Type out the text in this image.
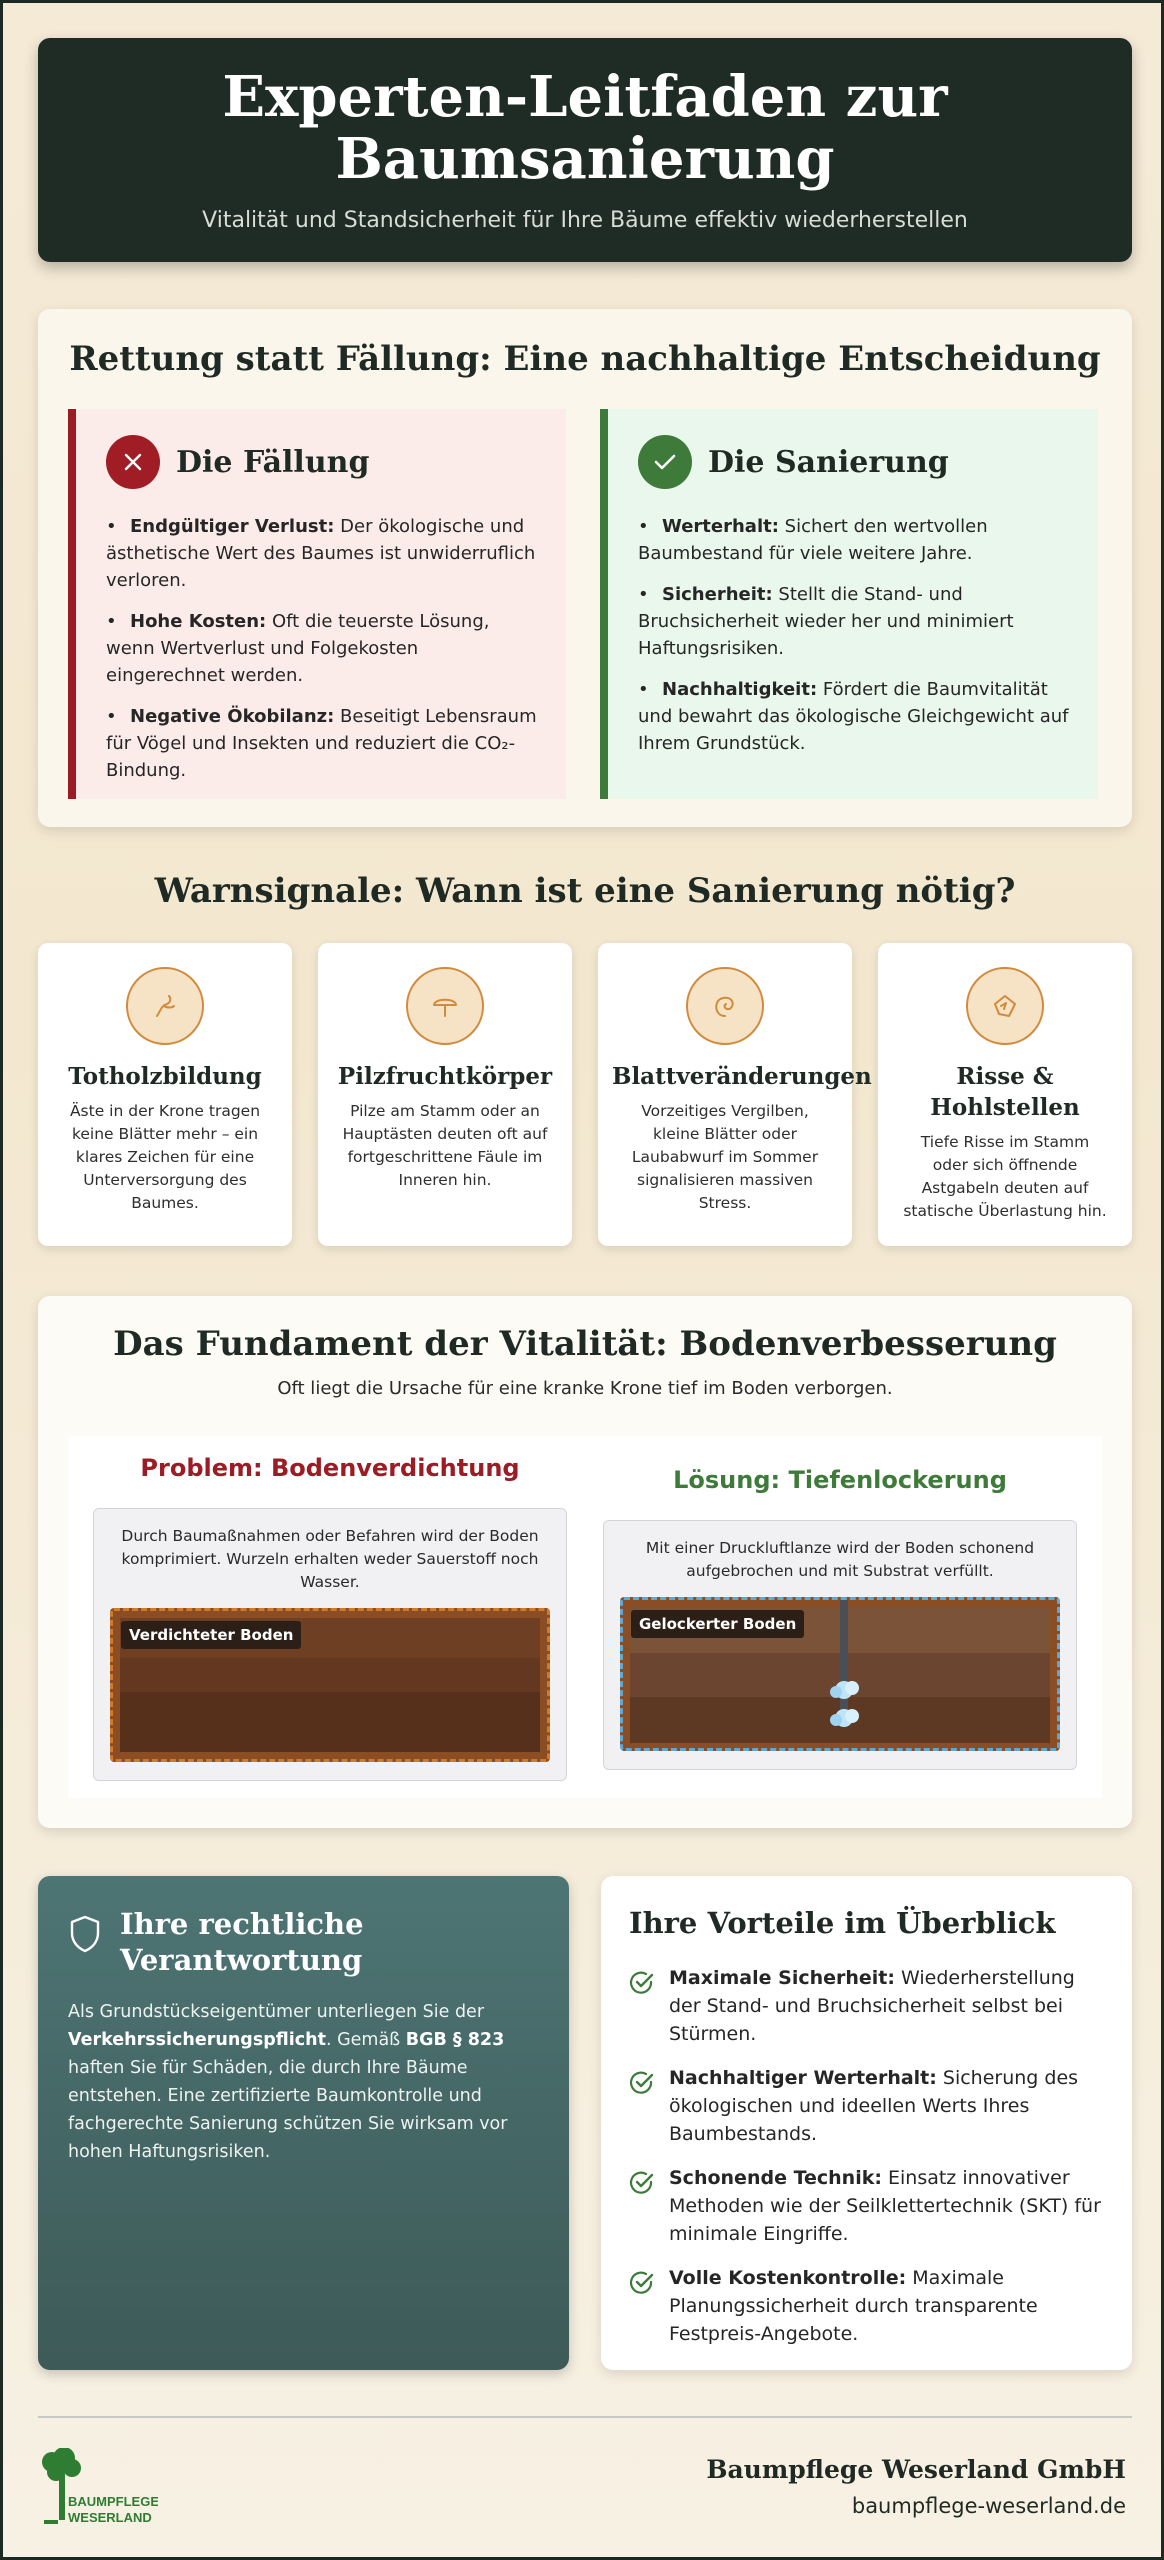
Experten-Leitfaden zur
Baumsanierung

Vitalität und Standsicherheit für Ihre Bäume effektiv wiederherstellen

Rettung statt Fällung: Eine nachhaltige Entscheidung
Die Fällung
• Endgültiger Verlust: Der ökologische und ästhetische Wert des Baumes ist unwiderruflich verloren.
• Hohe Kosten: Oft die teuerste Lösung, wenn Wertverlust und Folgekosten eingerechnet werden.
• Negative Ökobilanz: Beseitigt Lebensraum für Vögel und Insekten und reduziert die CO₂-Bindung.
Die Sanierung
• Werterhalt: Sichert den wertvollen Baumbestand für viele weitere Jahre.
• Sicherheit: Stellt die Stand- und Bruchsicherheit wieder her und minimiert Haftungsrisiken.
• Nachhaltigkeit: Fördert die Baumvitalität und bewahrt das ökologische Gleichgewicht auf Ihrem Grundstück.
Warnsignale: Wann ist eine Sanierung nötig?
Totholzbildung

Äste in der Krone tragen keine Blätter mehr – ein klares Zeichen für eine Unterversorgung des Baumes.

Pilzfruchtkörper

Pilze am Stamm oder an Hauptästen deuten oft auf fortgeschrittene Fäule im Inneren hin.

Blattveränderungen

Vorzeitiges Vergilben, kleine Blätter oder Laubabwurf im Sommer signalisieren massiven Stress.

Risse & Hohlstellen

Tiefe Risse im Stamm oder sich öffnende Astgabeln deuten auf statische Überlastung hin.

Das Fundament der Vitalität: Bodenverbesserung

Oft liegt die Ursache für eine kranke Krone tief im Boden verborgen.

Problem: Bodenverdichtung

Durch Baumaßnahmen oder Befahren wird der Boden komprimiert. Wurzeln erhalten weder Sauerstoff noch Wasser.

Verdichteter Boden
Lösung: Tiefenlockerung

Mit einer Druckluftlanze wird der Boden schonend aufgebrochen und mit Substrat verfüllt.

Gelockerter Boden
Ihre rechtliche
Verantwortung

Als Grundstückseigentümer unterliegen Sie der Verkehrssicherungspflicht. Gemäß BGB § 823 haften Sie für Schäden, die durch Ihre Bäume entstehen. Eine zertifizierte Baumkontrolle und fachgerechte Sanierung schützen Sie wirksam vor hohen Haftungsrisiken.

Ihre Vorteile im Überblick

Maximale Sicherheit: Wiederherstellung der Stand- und Bruchsicherheit selbst bei Stürmen.

Nachhaltiger Werterhalt: Sicherung des ökologischen und ideellen Werts Ihres Baumbestands.

Schonende Technik: Einsatz innovativer Methoden wie der Seilklettertechnik (SKT) für minimale Eingriffe.

Volle Kostenkontrolle: Maximale Planungssicherheit durch transparente Festpreis-Angebote.

BAUMPFLEGE
WESERLAND
Baumpflege Weserland GmbH
baumpflege-weserland.de
